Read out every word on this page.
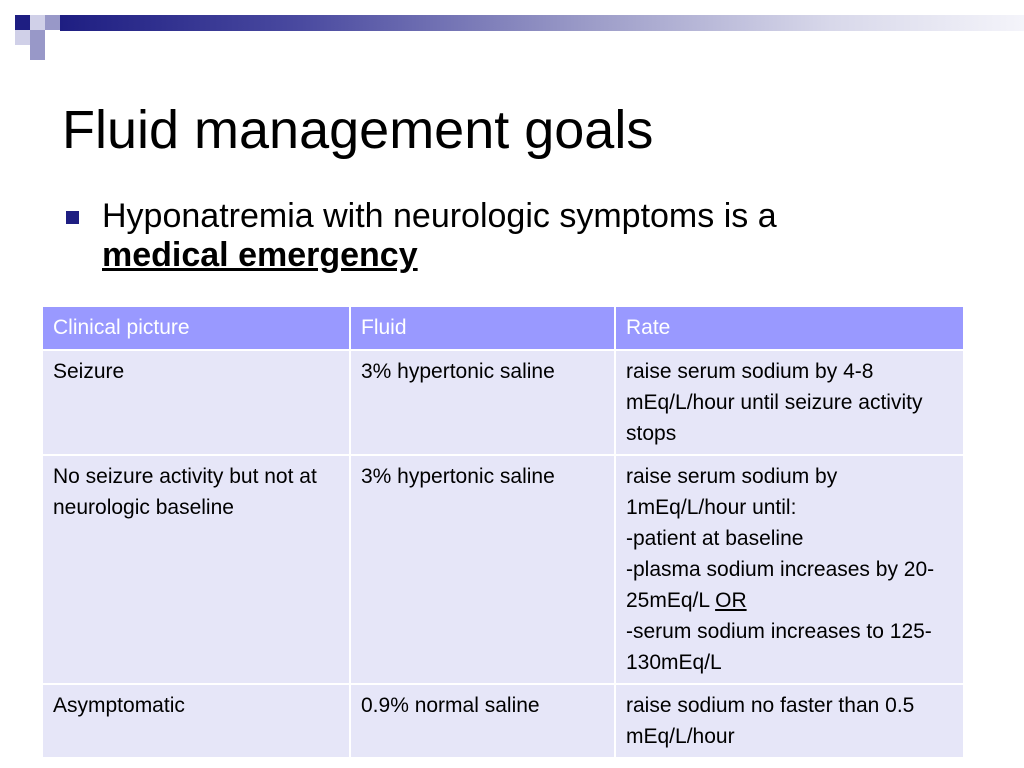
Fluid management goals
Hyponatremia with neurologic symptoms is a
medical emergency
Clinical picture	Fluid	Rate
Seizure	3% hypertonic saline	raise serum sodium by 4-8 mEq/L/hour until seizure activity stops
No seizure activity but not at neurologic baseline	3% hypertonic saline	raise serum sodium by 1mEq/L/hour until:
-patient at baseline
-plasma sodium increases by 20-25mEq/L OR
-serum sodium increases to 125-130mEq/L
Asymptomatic	0.9% normal saline	raise sodium no faster than 0.5 mEq/L/hour
